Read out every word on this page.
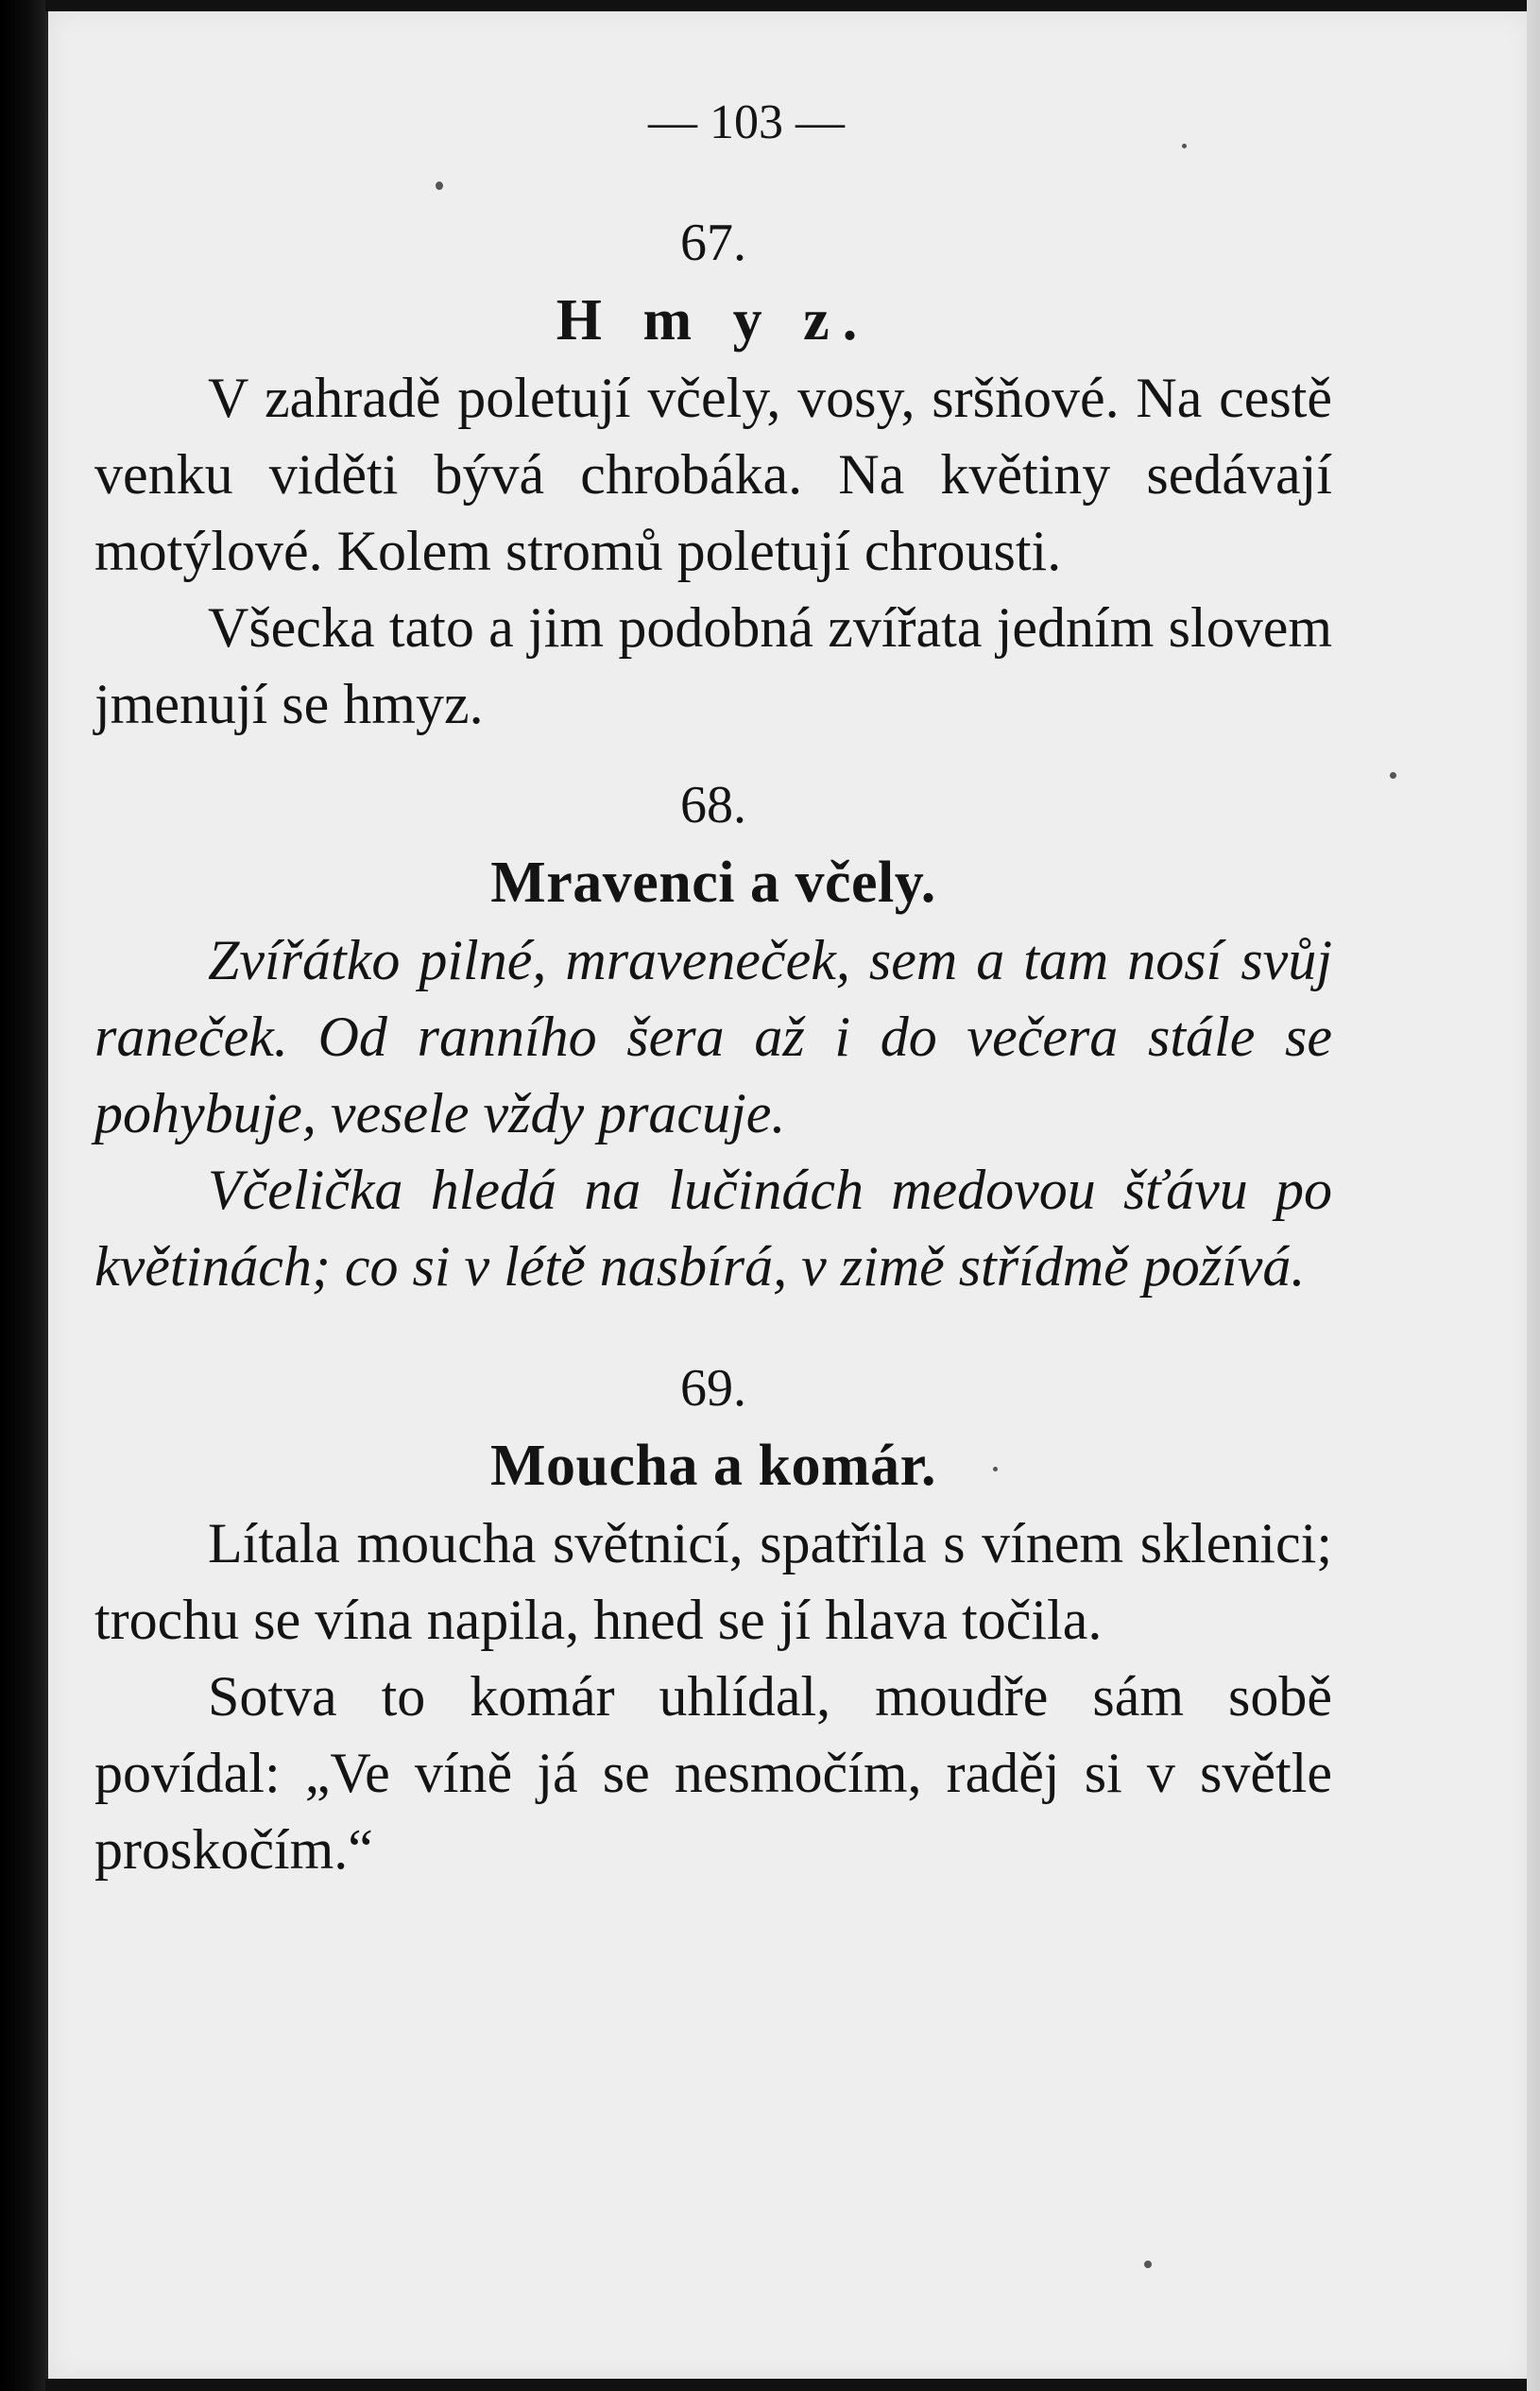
— 103 —
67.
H m y z.

V zahradě poletují včely, vosy, sršňové. Na cestě venku viděti bývá chrobáka. Na květiny sedávají motýlové. Kolem stromů poletují chrousti.

Všecka tato a jim podobná zvířata jedním slovem jmenují se hmyz.

68.
Mravenci a včely.

Zvířátko pilné, mraveneček, sem a tam nosí svůj raneček. Od ranního šera až i do večera stále se pohybuje, vesele vždy pracuje.

Včelička hledá na lučinách medovou šťávu po květinách; co si v létě nasbírá, v zimě střídmě požívá.

69.
Moucha a komár.

Lítala moucha světnicí, spatřila s vínem sklenici; trochu se vína napila, hned se jí hlava točila.

Sotva to komár uhlídal, moudře sám sobě povídal: „Ve víně já se nesmočím, raděj si v světle proskočím.“
